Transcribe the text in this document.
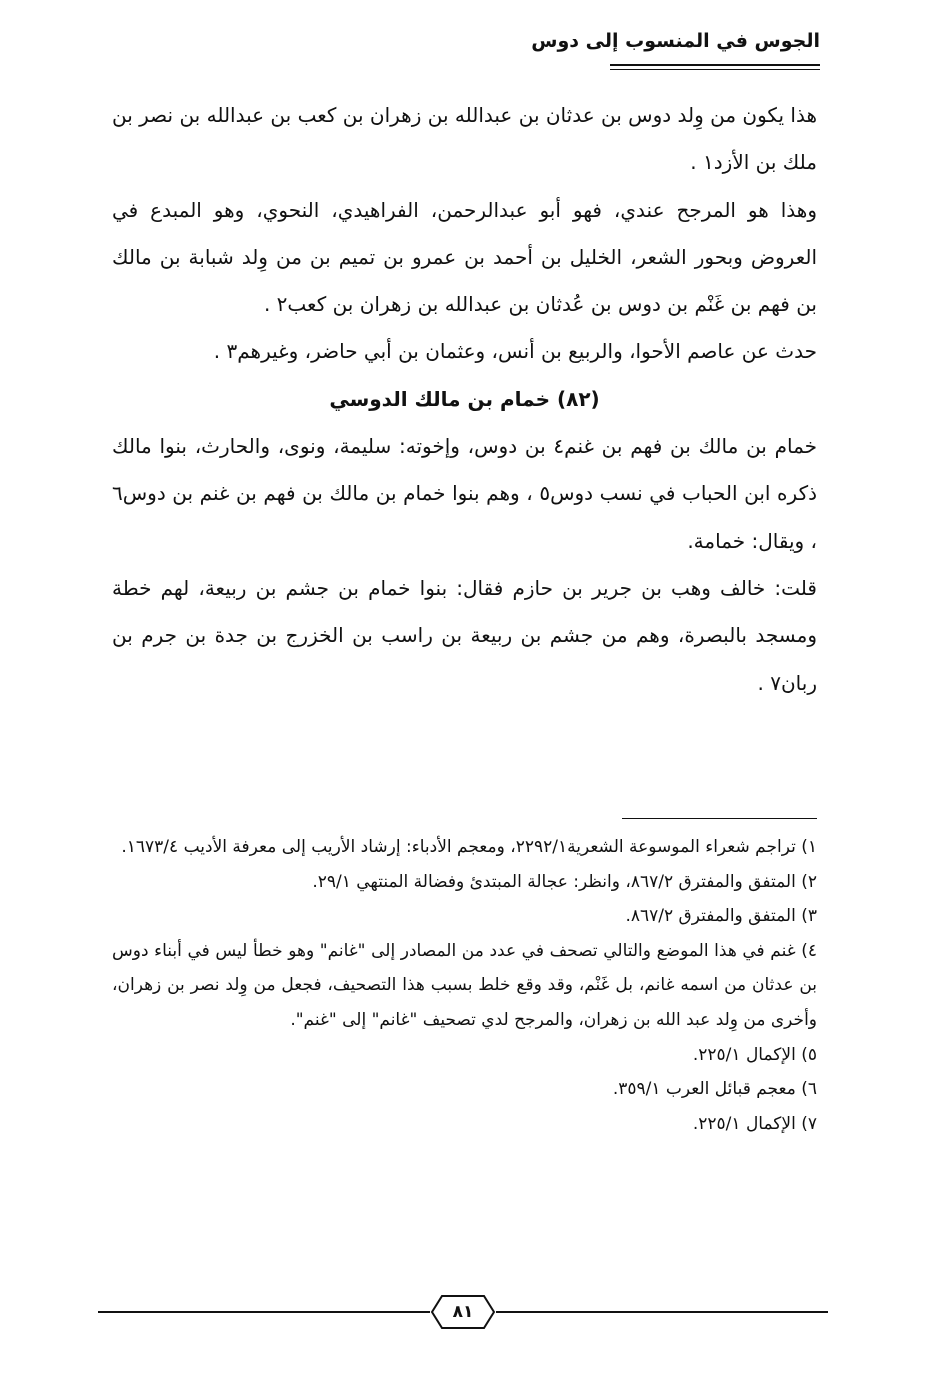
الجوس في المنسوب إلى دوس

هذا يكون من وِلد دوس بن عدثان بن عبدالله بن زهران بن كعب بن عبدالله بن نصر بن ملك بن الأزد١ .

وهذا هو المرجح عندي، فهو أبو عبدالرحمن، الفراهيدي، النحوي، وهو المبدع في العروض وبحور الشعر، الخليل بن أحمد بن عمرو بن تميم بن من وِلد شبابة بن مالك بن فهم بن غَنْم بن دوس بن عُدثان بن عبدالله بن زهران بن كعب٢ .

حدث عن عاصم الأحوا، والربيع بن أنس، وعثمان بن أبي حاضر، وغيرهم٣ .

(٨٢) خمام بن مالك الدوسي

خمام بن مالك بن فهم بن غنم٤ بن دوس، وإخوته: سليمة، ونوى، والحارث، بنوا مالك ذكره ابن الحباب في نسب دوس٥ ، وهم بنوا خمام بن مالك بن فهم بن غنم بن دوس٦ ، ويقال: خمامة.

قلت: خالف وهب بن جرير بن حازم فقال: بنوا خمام بن جشم بن ربيعة، لهم خطة ومسجد بالبصرة، وهم من جشم بن ربيعة بن راسب بن الخزرج بن جدة بن جرم بن ربان٧ .

١) تراجم شعراء الموسوعة الشعرية٢٢٩٢/١، ومعجم الأدباء: إرشاد الأريب إلى معرفة الأديب ١٦٧٣/٤.

٢) المتفق والمفترق ٨٦٧/٢، وانظر: عجالة المبتدئ وفضالة المنتهي ٢٩/١.

٣) المتفق والمفترق ٨٦٧/٢.

٤) غنم في هذا الموضع والتالي تصحف في عدد من المصادر إلى "غانم" وهو خطأ ليس في أبناء دوس بن عدثان من اسمه غانم، بل غَنْم، وقد وقع خلط بسبب هذا التصحيف، فجعل من وِلد نصر بن زهران، وأخرى من وِلد عبد الله بن زهران، والمرجح لدي تصحيف "غانم" إلى "غنم".

٥) الإكمال ٢٢٥/١.

٦) معجم قبائل العرب ٣٥٩/١.

٧) الإكمال ٢٢٥/١.

٨١
